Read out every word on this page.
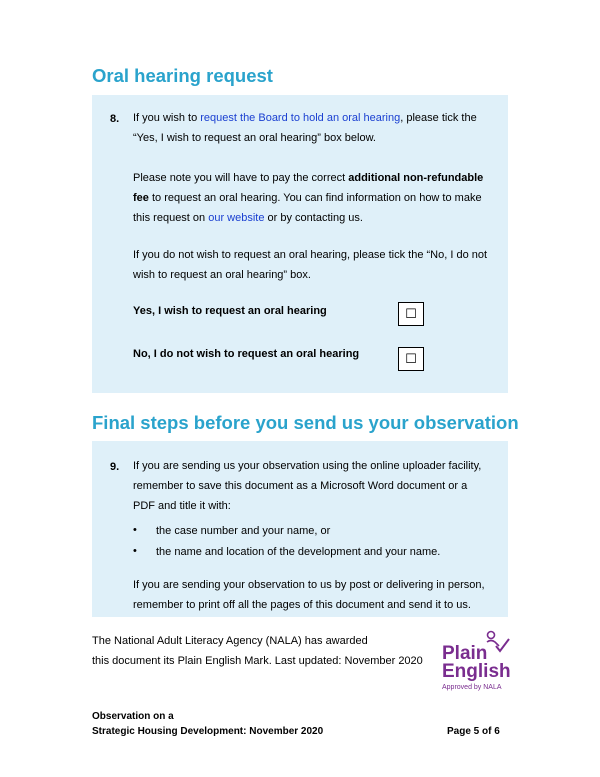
Oral hearing request
8. If you wish to request the Board to hold an oral hearing, please tick the
“Yes, I wish to request an oral hearing” box below.
Please note you will have to pay the correct additional non-refundable
fee to request an oral hearing. You can find information on how to make
this request on our website or by contacting us.
If you do not wish to request an oral hearing, please tick the “No, I do not
wish to request an oral hearing” box.
Yes, I wish to request an oral hearing	☐
No, I do not wish to request an oral hearing	☐
Final steps before you send us your observation
9. If you are sending us your observation using the online uploader facility,
remember to save this document as a Microsoft Word document or a
PDF and title it with:
• the case number and your name, or
• the name and location of the development and your name.
If you are sending your observation to us by post or delivering in person,
remember to print off all the pages of this document and send it to us.
The National Adult Literacy Agency (NALA) has awarded
this document its Plain English Mark. Last updated: November 2020 Plain
English
Approved by NALA
Observation on a
Strategic Housing Development: November 2020	Page 5 of 6
